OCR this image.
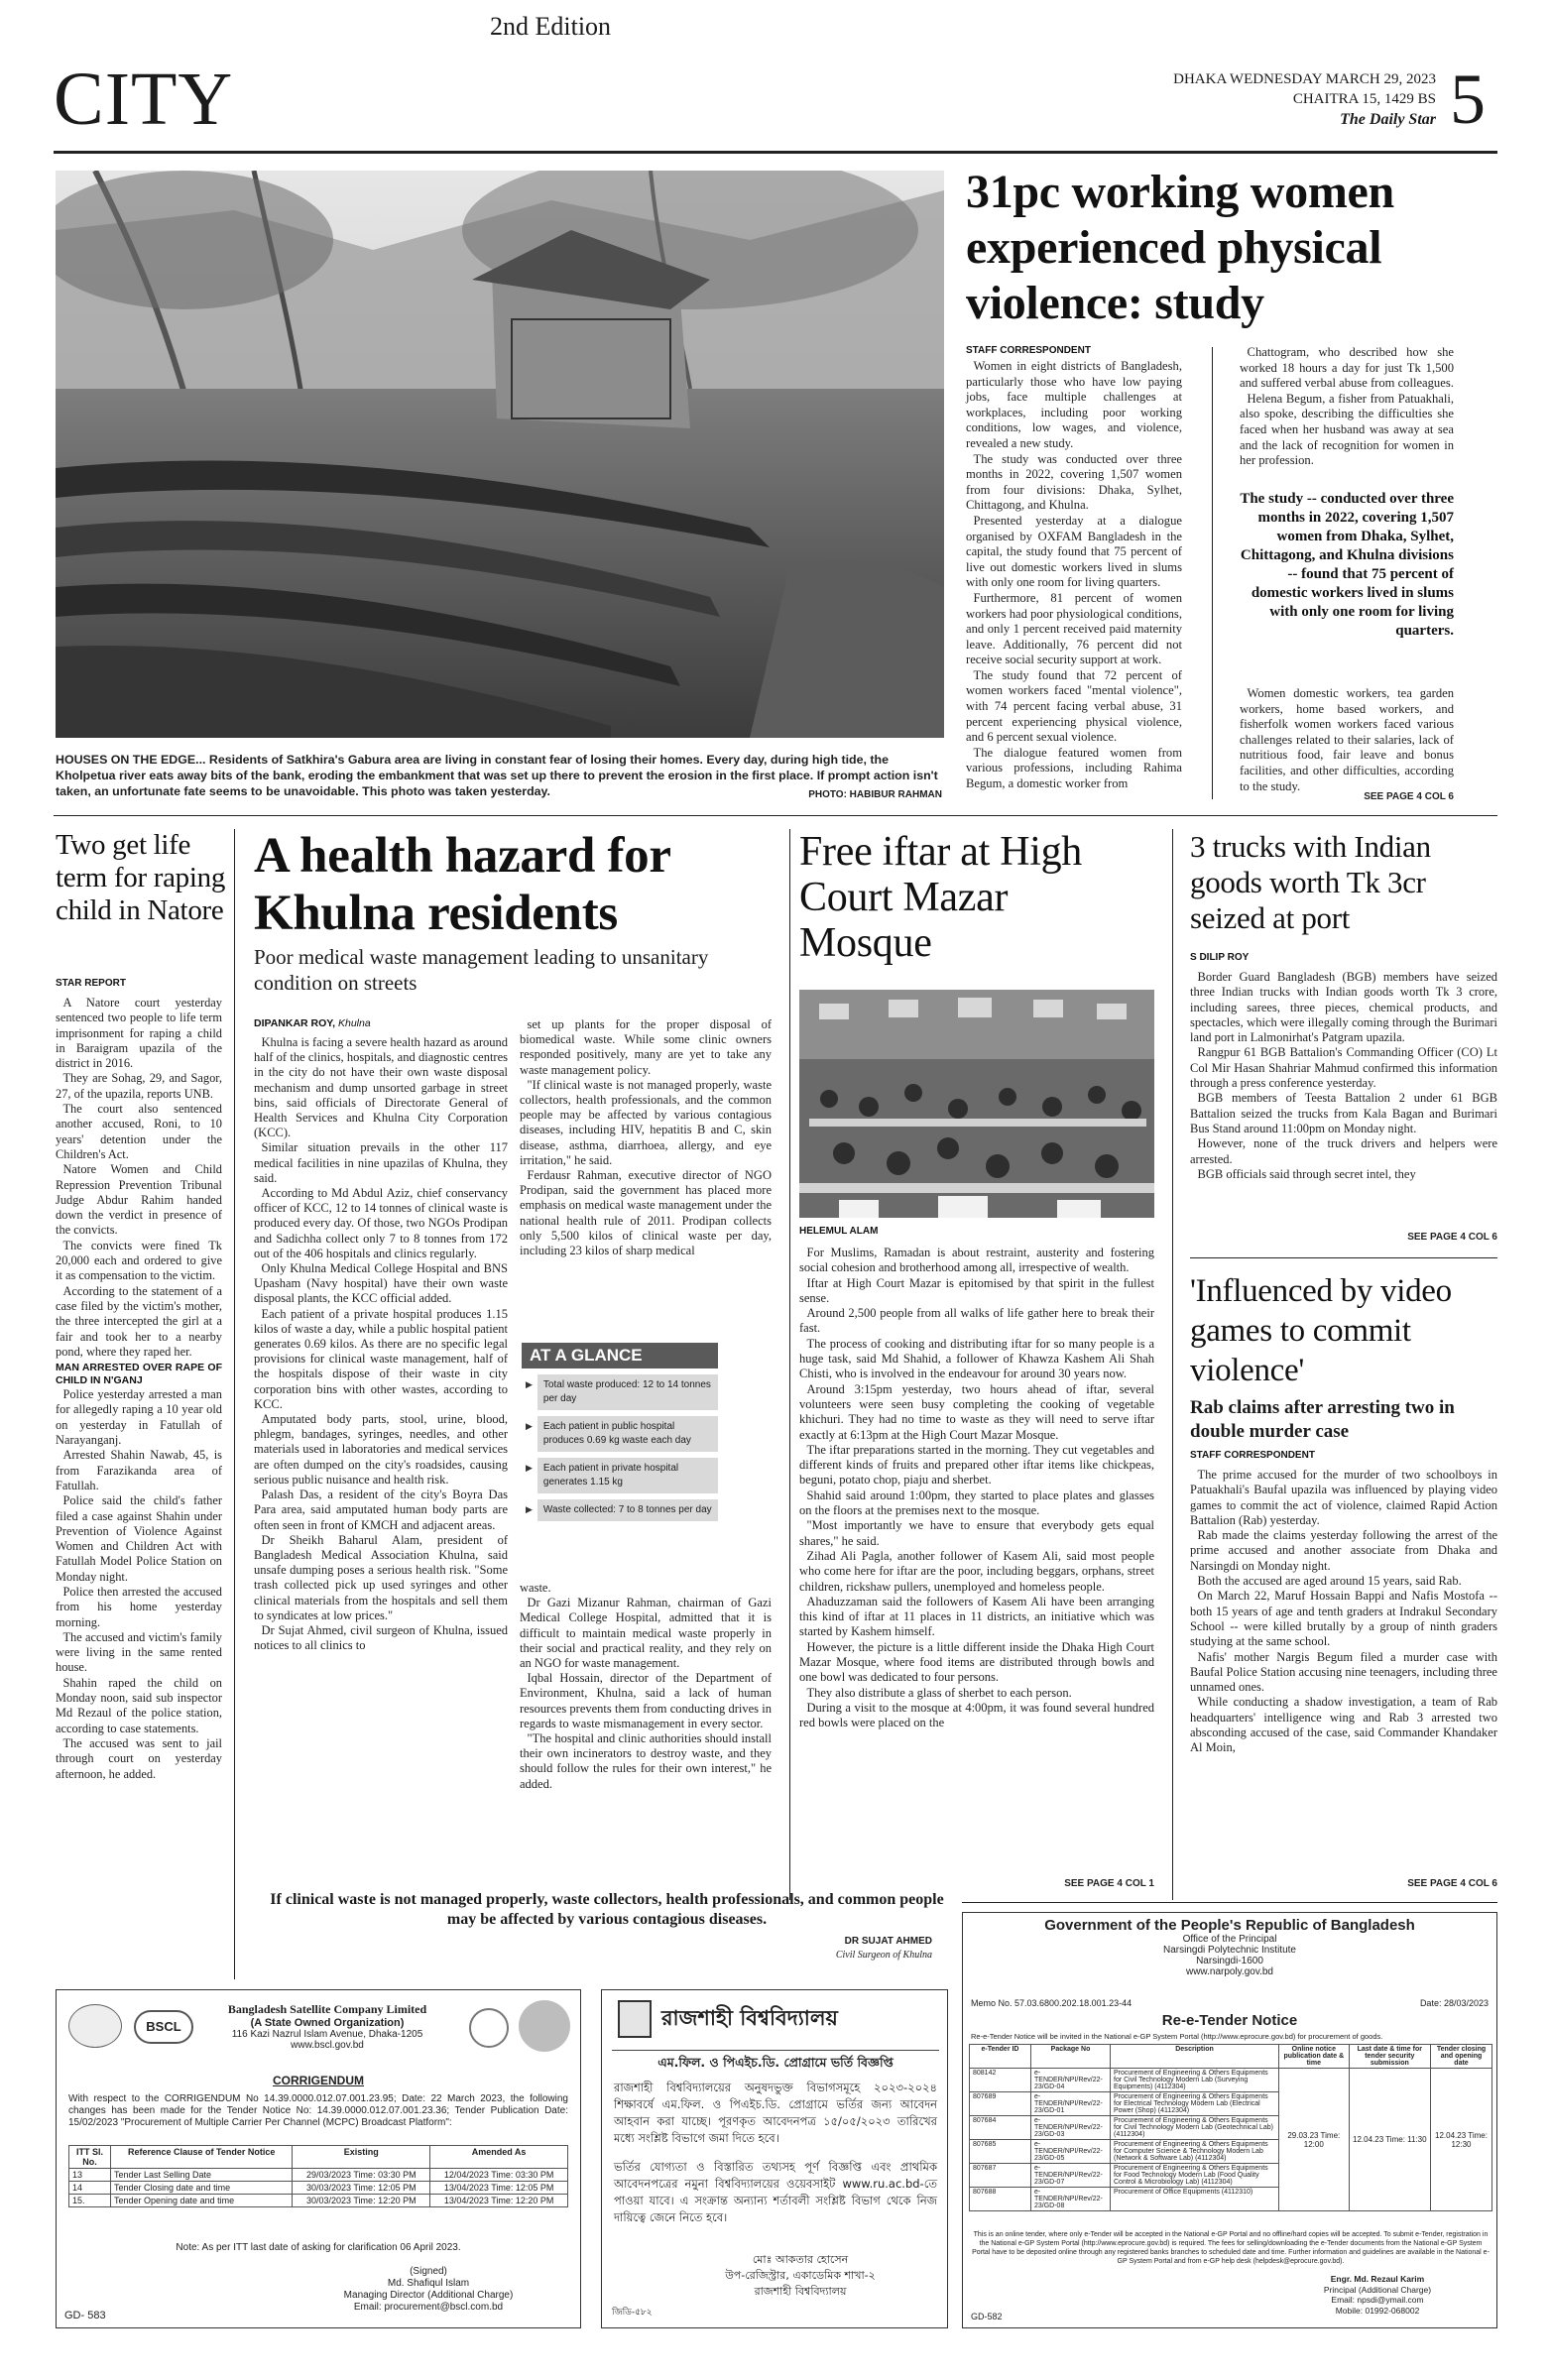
2nd Edition
CITY	DHAKA WEDNESDAY MARCH 29, 2023
CHAITRA 15, 1429 BS
The Daily Star 5
HOUSES ON THE EDGE... Residents of Satkhira's Gabura area are living in constant fear of losing their homes. Every day, during high tide, the Kholpetua river eats away bits of the bank, eroding the embankment that was set up there to prevent the erosion in the first place. If prompt action isn't taken, an unfortunate fate seems to be unavoidable. This photo was taken yesterday.	PHOTO: HABIBUR RAHMAN
31pc working women experienced physical violence: study
STAFF CORRESPONDENT

Women in eight districts of Bangladesh, particularly those who have low paying jobs, face multiple challenges at workplaces, including poor working conditions, low wages, and violence, revealed a new study.

The study was conducted over three months in 2022, covering 1,507 women from four divisions: Dhaka, Sylhet, Chittagong, and Khulna.

Presented yesterday at a dialogue organised by OXFAM Bangladesh in the capital, the study found that 75 percent of live out domestic workers lived in slums with only one room for living quarters.

Furthermore, 81 percent of women workers had poor physiological conditions, and only 1 percent received paid maternity leave. Additionally, 76 percent did not receive social security support at work.

The study found that 72 percent of women workers faced "mental violence", with 74 percent facing verbal abuse, 31 percent experiencing physical violence, and 6 percent sexual violence.

The dialogue featured women from various professions, including Rahima Begum, a domestic worker from

Chattogram, who described how she worked 18 hours a day for just Tk 1,500 and suffered verbal abuse from colleagues.

Helena Begum, a fisher from Patuakhali, also spoke, describing the difficulties she faced when her husband was away at sea and the lack of recognition for women in her profession.

The study -- conducted over three months in 2022, covering 1,507 women from Dhaka, Sylhet, Chittagong, and Khulna divisions -- found that 75 percent of domestic workers lived in slums with only one room for living quarters.

Women domestic workers, tea garden workers, home based workers, and fisherfolk women workers faced various challenges related to their salaries, lack of nutritious food, fair leave and bonus facilities, and other difficulties, according to the study.

SEE PAGE 4 COL 6
Two get life term for raping child in Natore
STAR REPORT

A Natore court yesterday sentenced two people to life term imprisonment for raping a child in Baraigram upazila of the district in 2016.

They are Sohag, 29, and Sagor, 27, of the upazila, reports UNB.

The court also sentenced another accused, Roni, to 10 years' detention under the Children's Act.

Natore Women and Child Repression Prevention Tribunal Judge Abdur Rahim handed down the verdict in presence of the convicts.

The convicts were fined Tk 20,000 each and ordered to give it as compensation to the victim.

According to the statement of a case filed by the victim's mother, the three intercepted the girl at a fair and took her to a nearby pond, where they raped her.

MAN ARRESTED OVER RAPE OF CHILD IN N'GANJ

Police yesterday arrested a man for allegedly raping a 10 year old on yesterday in Fatullah of Narayanganj.

Arrested Shahin Nawab, 45, is from Farazikanda area of Fatullah.

Police said the child's father filed a case against Shahin under Prevention of Violence Against Women and Children Act with Fatullah Model Police Station on Monday night.

Police then arrested the accused from his home yesterday morning.

The accused and victim's family were living in the same rented house.

Shahin raped the child on Monday noon, said sub inspector Md Rezaul of the police station, according to case statements.

The accused was sent to jail through court on yesterday afternoon, he added.

A health hazard for Khulna residents
Poor medical waste management leading to unsanitary condition on streets
DIPANKAR ROY, Khulna

Khulna is facing a severe health hazard as around half of the clinics, hospitals, and diagnostic centres in the city do not have their own waste disposal mechanism and dump unsorted garbage in street bins, said officials of Directorate General of Health Services and Khulna City Corporation (KCC).

Similar situation prevails in the other 117 medical facilities in nine upazilas of Khulna, they said.

According to Md Abdul Aziz, chief conservancy officer of KCC, 12 to 14 tonnes of clinical waste is produced every day. Of those, two NGOs Prodipan and Sadichha collect only 7 to 8 tonnes from 172 out of the 406 hospitals and clinics regularly.

Only Khulna Medical College Hospital and BNS Upasham (Navy hospital) have their own waste disposal plants, the KCC official added.

Each patient of a private hospital produces 1.15 kilos of waste a day, while a public hospital patient generates 0.69 kilos. As there are no specific legal provisions for clinical waste management, half of the hospitals dispose of their waste in city corporation bins with other wastes, according to KCC.

Amputated body parts, stool, urine, blood, phlegm, bandages, syringes, needles, and other materials used in laboratories and medical services are often dumped on the city's roadsides, causing serious public nuisance and health risk.

Palash Das, a resident of the city's Boyra Das Para area, said amputated human body parts are often seen in front of KMCH and adjacent areas.

Dr Sheikh Baharul Alam, president of Bangladesh Medical Association Khulna, said unsafe dumping poses a serious health risk. "Some trash collected pick up used syringes and other clinical materials from the hospitals and sell them to syndicates at low prices."

Dr Sujat Ahmed, civil surgeon of Khulna, issued notices to all clinics to

set up plants for the proper disposal of biomedical waste. While some clinic owners responded positively, many are yet to take any waste management policy.

"If clinical waste is not managed properly, waste collectors, health professionals, and the common people may be affected by various contagious diseases, including HIV, hepatitis B and C, skin disease, asthma, diarrhoea, allergy, and eye irritation," he said.

Ferdausr Rahman, executive director of NGO Prodipan, said the government has placed more emphasis on medical waste management under the national health rule of 2011. Prodipan collects only 5,500 kilos of clinical waste per day, including 23 kilos of sharp medical

AT A GLANCE
▶	Total waste produced: 12 to 14 tonnes per day
▶	Each patient in public hospital produces 0.69 kg waste each day
▶	Each patient in private hospital generates 1.15 kg
▶	Waste collected: 7 to 8 tonnes per day

waste.

Dr Gazi Mizanur Rahman, chairman of Gazi Medical College Hospital, admitted that it is difficult to maintain medical waste properly in their social and practical reality, and they rely on an NGO for waste management.

Iqbal Hossain, director of the Department of Environment, Khulna, said a lack of human resources prevents them from conducting drives in regards to waste mismanagement in every sector.

"The hospital and clinic authorities should install their own incinerators to destroy waste, and they should follow the rules for their own interest," he added.

If clinical waste is not managed properly, waste collectors, health professionals, and common people may be affected by various contagious diseases.
DR SUJAT AHMED
Civil Surgeon of Khulna
Free iftar at High Court Mazar Mosque
HELEMUL ALAM

For Muslims, Ramadan is about restraint, austerity and fostering social cohesion and brotherhood among all, irrespective of wealth.

Iftar at High Court Mazar is epitomised by that spirit in the fullest sense.

Around 2,500 people from all walks of life gather here to break their fast.

The process of cooking and distributing iftar for so many people is a huge task, said Md Shahid, a follower of Khawza Kashem Ali Shah Chisti, who is involved in the endeavour for around 30 years now.

Around 3:15pm yesterday, two hours ahead of iftar, several volunteers were seen busy completing the cooking of vegetable khichuri. They had no time to waste as they will need to serve iftar exactly at 6:13pm at the High Court Mazar Mosque.

The iftar preparations started in the morning. They cut vegetables and different kinds of fruits and prepared other iftar items like chickpeas, beguni, potato chop, piaju and sherbet.

Shahid said around 1:00pm, they started to place plates and glasses on the floors at the premises next to the mosque.

"Most importantly we have to ensure that everybody gets equal shares," he said.

Zihad Ali Pagla, another follower of Kasem Ali, said most people who come here for iftar are the poor, including beggars, orphans, street children, rickshaw pullers, unemployed and homeless people.

Ahaduzzaman said the followers of Kasem Ali have been arranging this kind of iftar at 11 places in 11 districts, an initiative which was started by Kashem himself.

However, the picture is a little different inside the Dhaka High Court Mazar Mosque, where food items are distributed through bowls and one bowl was dedicated to four persons.

They also distribute a glass of sherbet to each person.

During a visit to the mosque at 4:00pm, it was found several hundred red bowls were placed on the

SEE PAGE 4 COL 1
3 trucks with Indian goods worth Tk 3cr seized at port
S DILIP ROY

Border Guard Bangladesh (BGB) members have seized three Indian trucks with Indian goods worth Tk 3 crore, including sarees, three pieces, chemical products, and spectacles, which were illegally coming through the Burimari land port in Lalmonirhat's Patgram upazila.

Rangpur 61 BGB Battalion's Commanding Officer (CO) Lt Col Mir Hasan Shahriar Mahmud confirmed this information through a press conference yesterday.

BGB members of Teesta Battalion 2 under 61 BGB Battalion seized the trucks from Kala Bagan and Burimari Bus Stand around 11:00pm on Monday night.

However, none of the truck drivers and helpers were arrested.

BGB officials said through secret intel, they

SEE PAGE 4 COL 6
'Influenced by video games to commit violence'
Rab claims after arresting two in double murder case
STAFF CORRESPONDENT

The prime accused for the murder of two schoolboys in Patuakhali's Baufal upazila was influenced by playing video games to commit the act of violence, claimed Rapid Action Battalion (Rab) yesterday.

Rab made the claims yesterday following the arrest of the prime accused and another associate from Dhaka and Narsingdi on Monday night.

Both the accused are aged around 15 years, said Rab.

On March 22, Maruf Hossain Bappi and Nafis Mostofa -- both 15 years of age and tenth graders at Indrakul Secondary School -- were killed brutally by a group of ninth graders studying at the same school.

Nafis' mother Nargis Begum filed a murder case with Baufal Police Station accusing nine teenagers, including three unnamed ones.

While conducting a shadow investigation, a team of Rab headquarters' intelligence wing and Rab 3 arrested two absconding accused of the case, said Commander Khandaker Al Moin,

SEE PAGE 4 COL 6
BSCL
Bangladesh Satellite Company Limited
(A State Owned Organization)
116 Kazi Nazrul Islam Avenue, Dhaka-1205
www.bscl.gov.bd
CORRIGENDUM
With respect to the CORRIGENDUM No 14.39.0000.012.07.001.23.95; Date: 22 March 2023, the following changes has been made for the Tender Notice No: 14.39.0000.012.07.001.23.36; Tender Publication Date: 15/02/2023 "Procurement of Multiple Carrier Per Channel (MCPC) Broadcast Platform":
ITT Sl. No.	Reference Clause of Tender Notice	Existing	Amended As
13	Tender Last Selling Date	29/03/2023 Time: 03:30 PM	12/04/2023 Time: 03:30 PM
14	Tender Closing date and time	30/03/2023 Time: 12:05 PM	13/04/2023 Time: 12:05 PM
15.	Tender Opening date and time	30/03/2023 Time: 12:20 PM	13/04/2023 Time: 12:20 PM
Note: As per ITT last date of asking for clarification 06 April 2023.
(Signed)
Md. Shafiqul Islam
Managing Director (Additional Charge)
Email: procurement@bscl.com.bd
GD- 583
রাজশাহী বিশ্ববিদ্যালয়
এম.ফিল. ও পিএইচ.ডি. প্রোগ্রামে ভর্তি বিজ্ঞপ্তি
রাজশাহী বিশ্ববিদ্যালয়ের অনুষদভুক্ত বিভাগসমূহে ২০২৩-২০২৪ শিক্ষাবর্ষে এম.ফিল. ও পিএইচ.ডি. প্রোগ্রামে ভর্তির জন্য আবেদন আহবান করা যাচ্ছে। পূরণকৃত আবেদনপত্র ১৫/০৫/২০২৩ তারিখের মধ্যে সংশ্লিষ্ট বিভাগে জমা দিতে হবে।
ভর্তির যোগ্যতা ও বিস্তারিত তথ্যসহ পূর্ণ বিজ্ঞপ্তি এবং প্রাথমিক আবেদনপত্রের নমুনা বিশ্ববিদ্যালয়ের ওয়েবসাইট www.ru.ac.bd-তে পাওয়া যাবে। এ সংক্রান্ত অন্যান্য শর্তাবলী সংশ্লিষ্ট বিভাগ থেকে নিজ দায়িত্বে জেনে নিতে হবে।
মোঃ আকতার হোসেন
উপ-রেজিস্ট্রার, একাডেমিক শাখা-২
রাজশাহী বিশ্ববিদ্যালয়
জিডি-৫৮২
Government of the People's Republic of Bangladesh
Office of the Principal
Narsingdi Polytechnic Institute
Narsingdi-1600
www.narpoly.gov.bd
Memo No. 57.03.6800.202.18.001.23-44	Date: 28/03/2023
Re-e-Tender Notice
Re-e-Tender Notice will be invited in the National e-GP System Portal (http://www.eprocure.gov.bd) for procurement of goods.
e-Tender ID	Package No	Description	Online notice publication date & time	Last date & time for tender security submission	Tender closing and opening date
808142	e-TENDER/NPI/Rev/22-23/GD-04	Procurement of Engineering & Others Equipments for Civil Technology Modern Lab (Surveying Equipments) (4112304)	29.03.23 Time: 12:00	12.04.23 Time: 11:30	12.04.23 Time: 12:30
807689	e-TENDER/NPI/Rev/22-23/GD-01	Procurement of Engineering & Others Equipments for Electrical Technology Modern Lab (Electrical Power (Shop) (4112304)			
807684	e-TENDER/NPI/Rev/22-23/GD-03	Procurement of Engineering & Others Equipments for Civil Technology Modern Lab (Geotechnical Lab) (4112304)			
807685	e-TENDER/NPI/Rev/22-23/GD-05	Procurement of Engineering & Others Equipments for Computer Science & Technology Modern Lab (Network & Software Lab) (4112304)			
807687	e-TENDER/NPI/Rev/22-23/GD-07	Procurement of Engineering & Others Equipments for Food Technology Modern Lab (Food Quality Control & Microbiology Lab) (4112304)			
807688	e-TENDER/NPI/Rev/22-23/GD-08	Procurement of Office Equipments (4112310)			
This is an online tender, where only e-Tender will be accepted in the National e-GP Portal and no offline/hard copies will be accepted. To submit e-Tender, registration in the National e-GP System Portal (http://www.eprocure.gov.bd) is required. The fees for selling/downloading the e-Tender documents from the National e-GP System Portal have to be deposited online through any registered banks branches to scheduled date and time. Further information and guidelines are available in the National e-GP System Portal and from e-GP help desk (helpdesk@eprocure.gov.bd).
Engr. Md. Rezaul Karim
Principal (Additional Charge)
Email: npsdi@ymail.com
Mobile: 01992-068002
GD-582
